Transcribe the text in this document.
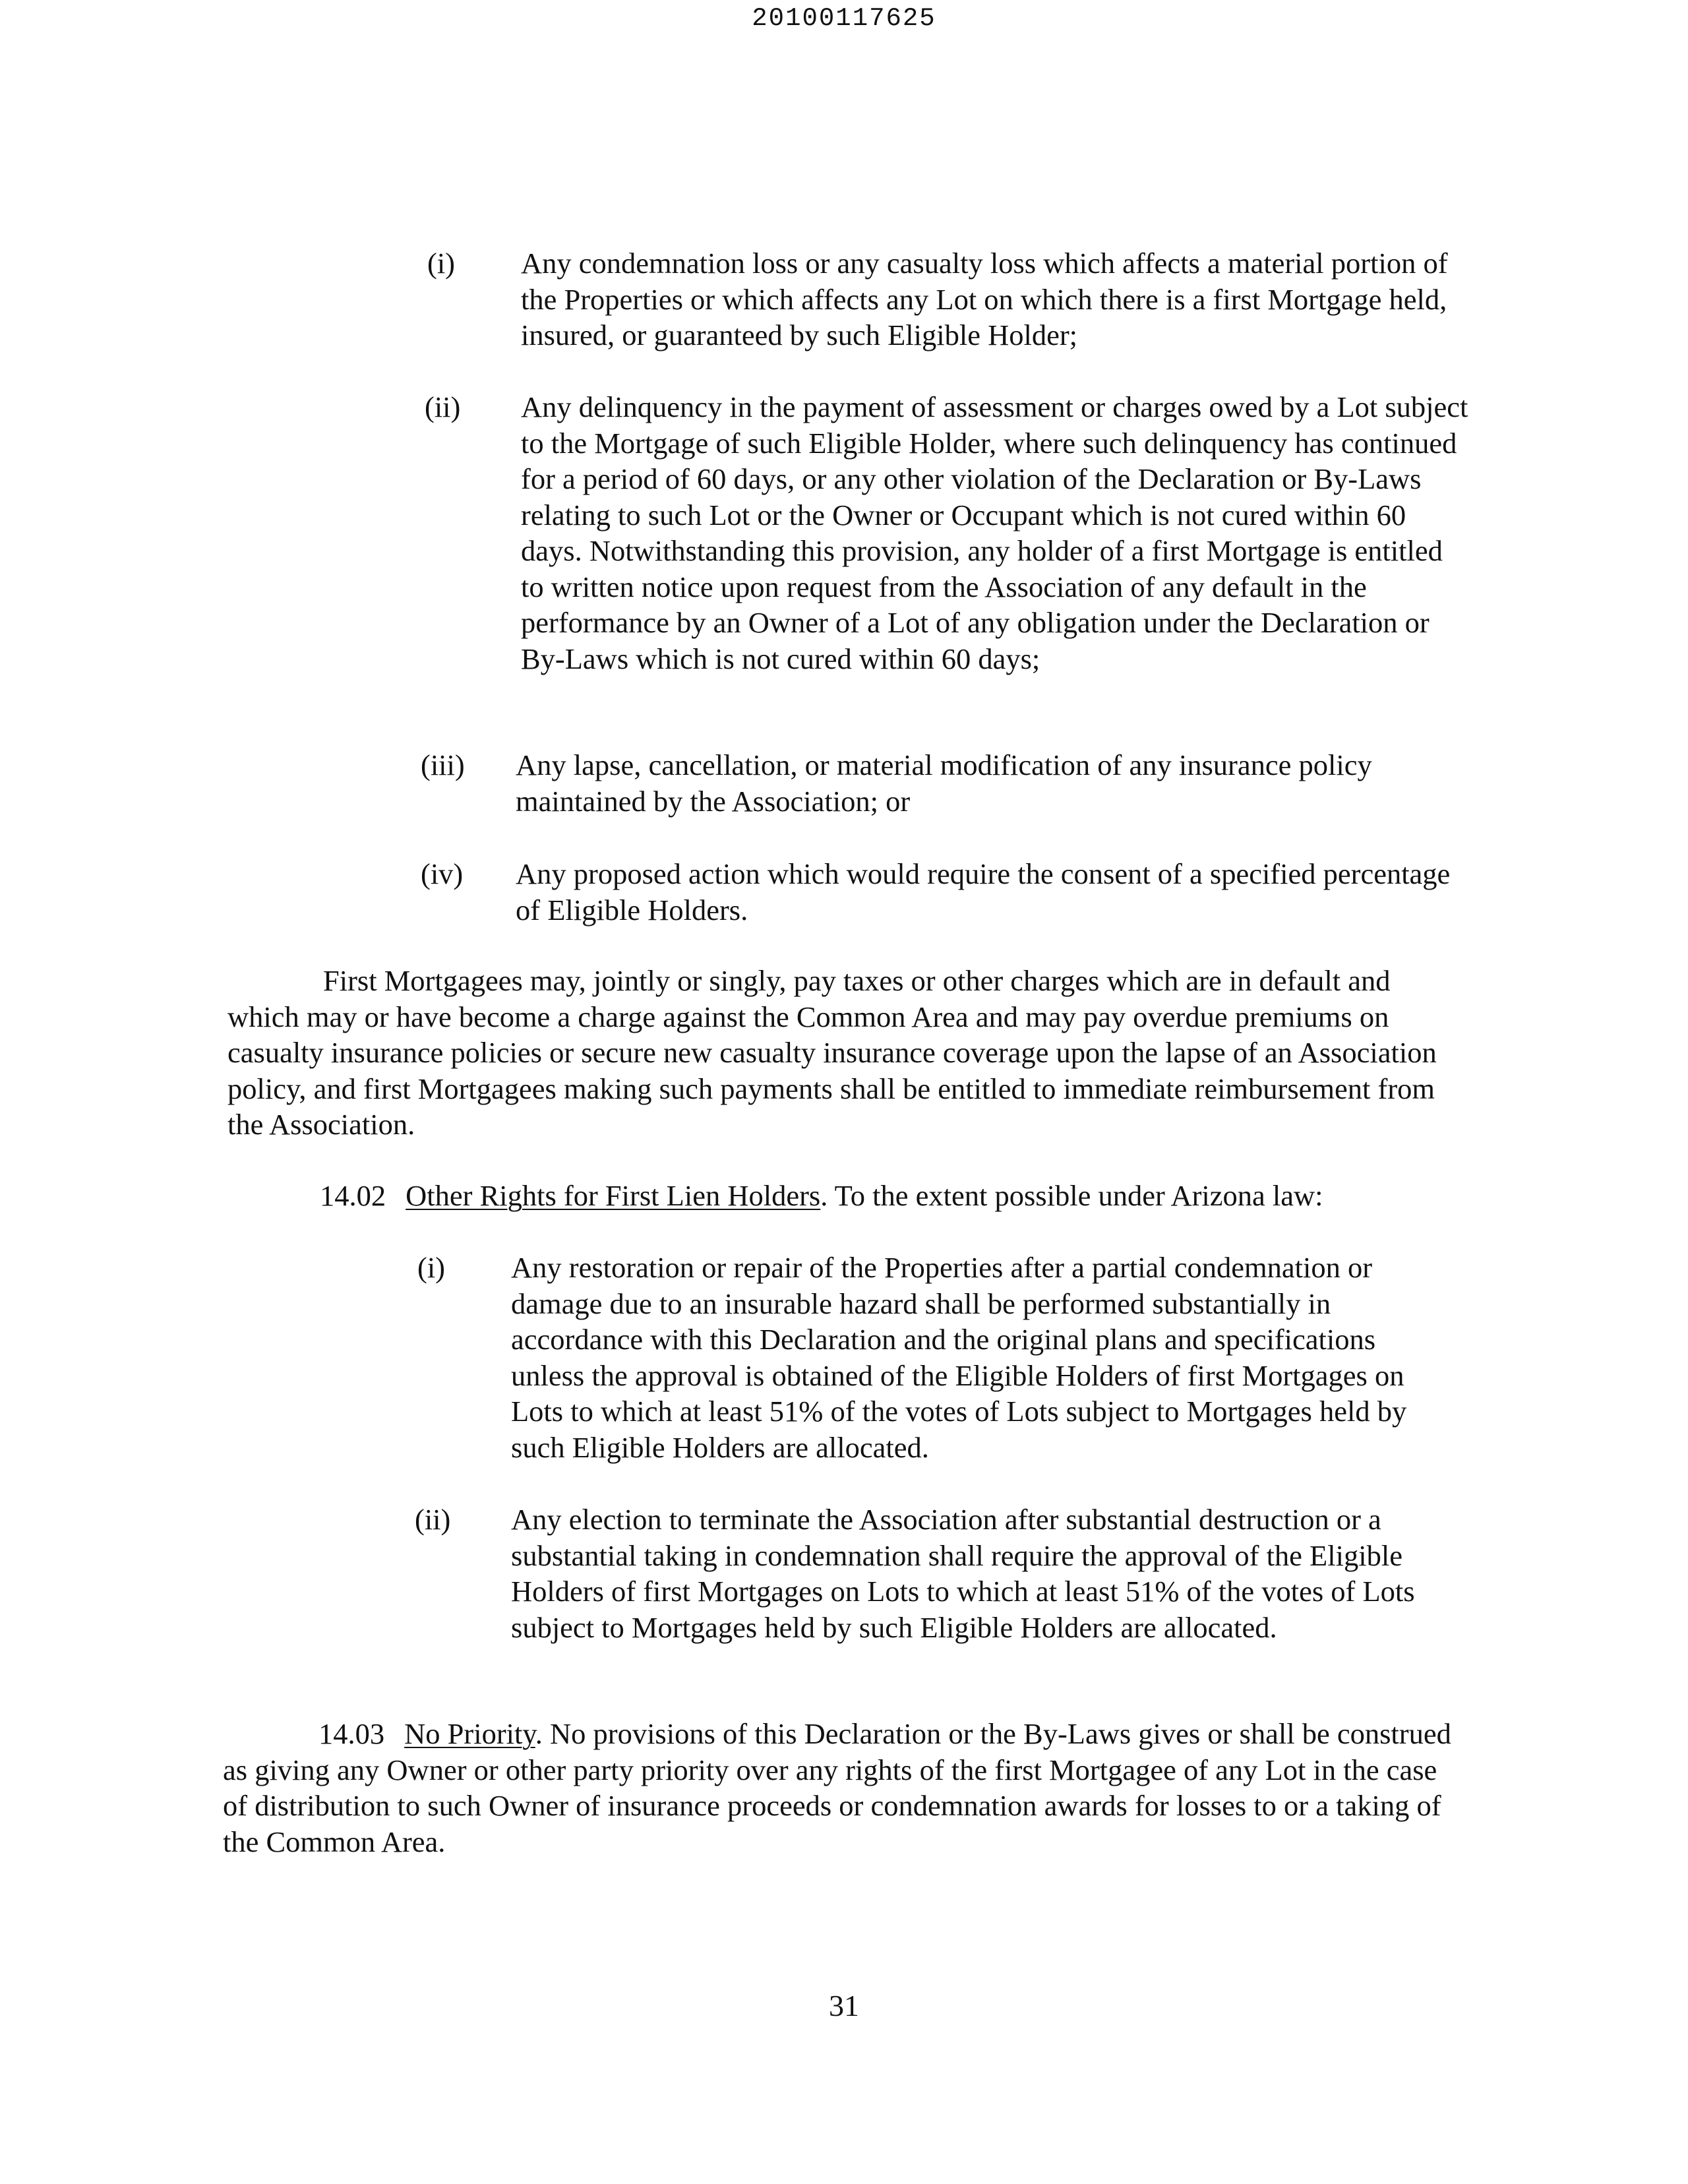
20100117625
(i) Any condemnation loss or any casualty loss which affects a material portion of the Properties or which affects any Lot on which there is a first Mortgage held, insured, or guaranteed by such Eligible Holder;
(ii) Any delinquency in the payment of assessment or charges owed by a Lot subject to the Mortgage of such Eligible Holder, where such delinquency has continued for a period of 60 days, or any other violation of the Declaration or By-Laws relating to such Lot or the Owner or Occupant which is not cured within 60 days. Notwithstanding this provision, any holder of a first Mortgage is entitled to written notice upon request from the Association of any default in the performance by an Owner of a Lot of any obligation under the Declaration or By-Laws which is not cured within 60 days;
(iii) Any lapse, cancellation, or material modification of any insurance policy maintained by the Association; or
(iv) Any proposed action which would require the consent of a specified percentage of Eligible Holders.
First Mortgagees may, jointly or singly, pay taxes or other charges which are in default and which may or have become a charge against the Common Area and may pay overdue premiums on casualty insurance policies or secure new casualty insurance coverage upon the lapse of an Association policy, and first Mortgagees making such payments shall be entitled to immediate reimbursement from the Association.
14.02 Other Rights for First Lien Holders. To the extent possible under Arizona law:
(i) Any restoration or repair of the Properties after a partial condemnation or damage due to an insurable hazard shall be performed substantially in accordance with this Declaration and the original plans and specifications unless the approval is obtained of the Eligible Holders of first Mortgages on Lots to which at least 51% of the votes of Lots subject to Mortgages held by such Eligible Holders are allocated.
(ii) Any election to terminate the Association after substantial destruction or a substantial taking in condemnation shall require the approval of the Eligible Holders of first Mortgages on Lots to which at least 51% of the votes of Lots subject to Mortgages held by such Eligible Holders are allocated.
14.03 No Priority. No provisions of this Declaration or the By-Laws gives or shall be construed as giving any Owner or other party priority over any rights of the first Mortgagee of any Lot in the case of distribution to such Owner of insurance proceeds or condemnation awards for losses to or a taking of the Common Area.
31
